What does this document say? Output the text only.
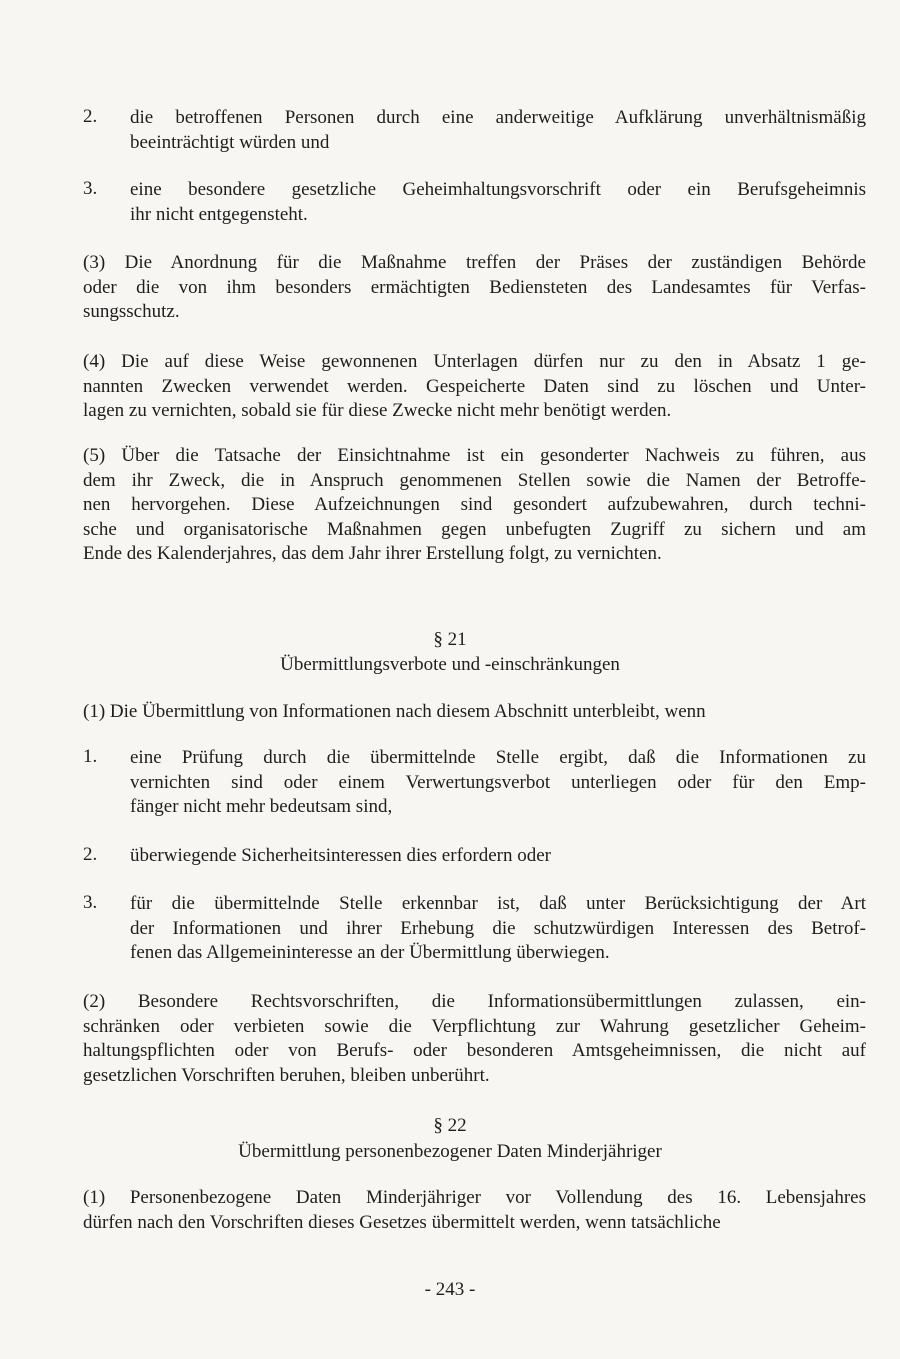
2. die betroffenen Personen durch eine anderweitige Aufklärung unverhältnismäßig
beeinträchtigt würden und
3. eine besondere gesetzliche Geheimhaltungsvorschrift oder ein Berufsgeheimnis
ihr nicht entgegensteht.
(3) Die Anordnung für die Maßnahme treffen der Präses der zuständigen Behörde
oder die von ihm besonders ermächtigten Bediensteten des Landesamtes für Verfas-
sungsschutz.
(4) Die auf diese Weise gewonnenen Unterlagen dürfen nur zu den in Absatz 1 ge-
nannten Zwecken verwendet werden. Gespeicherte Daten sind zu löschen und Unter-
lagen zu vernichten, sobald sie für diese Zwecke nicht mehr benötigt werden.
(5) Über die Tatsache der Einsichtnahme ist ein gesonderter Nachweis zu führen, aus
dem ihr Zweck, die in Anspruch genommenen Stellen sowie die Namen der Betroffe-
nen hervorgehen. Diese Aufzeichnungen sind gesondert aufzubewahren, durch techni-
sche und organisatorische Maßnahmen gegen unbefugten Zugriff zu sichern und am
Ende des Kalenderjahres, das dem Jahr ihrer Erstellung folgt, zu vernichten.
(1) Die Übermittlung von Informationen nach diesem Abschnitt unterbleibt, wenn
1. eine Prüfung durch die übermittelnde Stelle ergibt, daß die Informationen zu
vernichten sind oder einem Verwertungsverbot unterliegen oder für den Emp-
fänger nicht mehr bedeutsam sind,
2. überwiegende Sicherheitsinteressen dies erfordern oder
3. für die übermittelnde Stelle erkennbar ist, daß unter Berücksichtigung der Art
der Informationen und ihrer Erhebung die schutzwürdigen Interessen des Betrof-
fenen das Allgemeininteresse an der Übermittlung überwiegen.
(2) Besondere Rechtsvorschriften, die Informationsübermittlungen zulassen, ein-
schränken oder verbieten sowie die Verpflichtung zur Wahrung gesetzlicher Geheim-
haltungspflichten oder von Berufs- oder besonderen Amtsgeheimnissen, die nicht auf
gesetzlichen Vorschriften beruhen, bleiben unberührt.
(1) Personenbezogene Daten Minderjähriger vor Vollendung des 16. Lebensjahres
dürfen nach den Vorschriften dieses Gesetzes übermittelt werden, wenn tatsächliche
§ 21
Übermittlungsverbote und -einschränkungen
§ 22
Übermittlung personenbezogener Daten Minderjähriger
- 243 -
